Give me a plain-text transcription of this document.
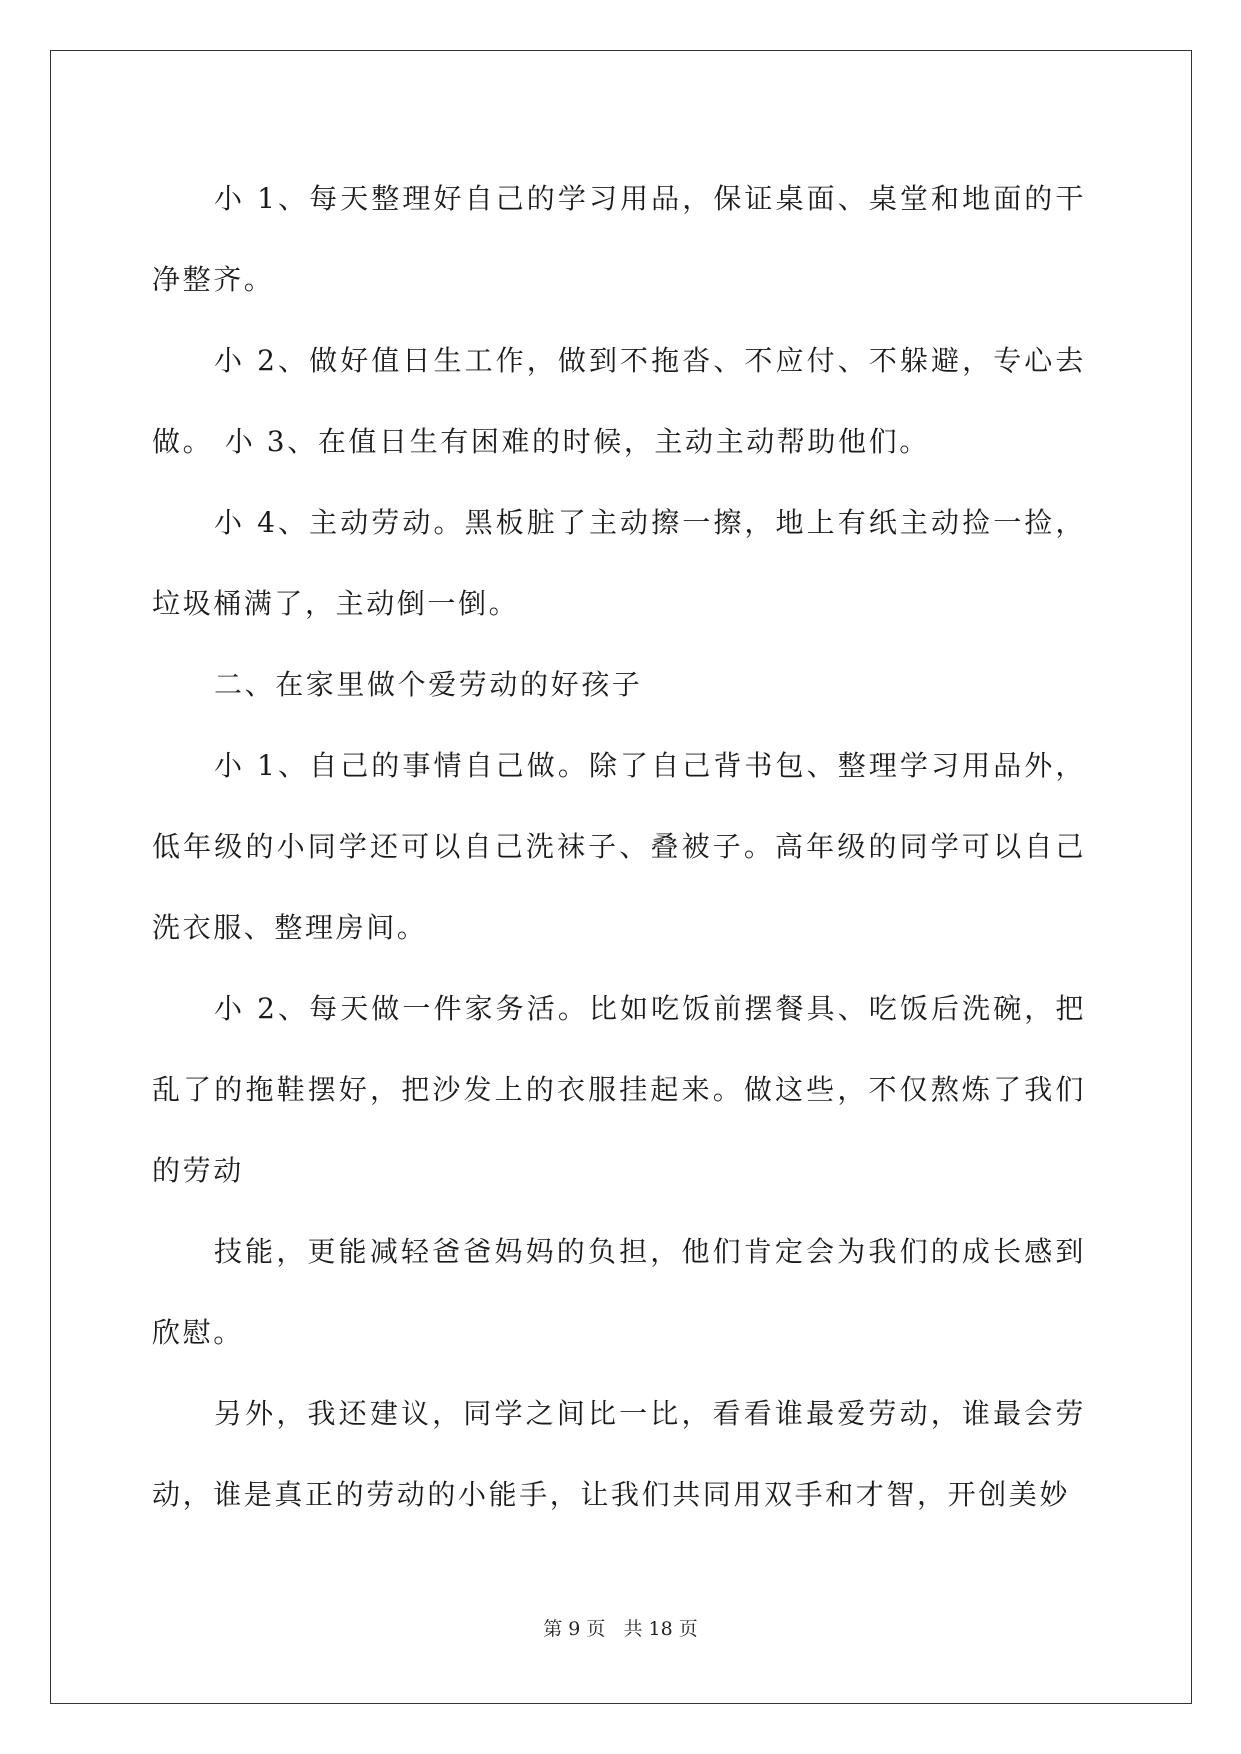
小 1、每天整理好自己的学习用品，保证桌面、桌堂和地面的干净整齐。

小 2、做好值日生工作，做到不拖沓、不应付、不躲避，专心去做。 小 3、在值日生有困难的时候，主动主动帮助他们。

小 4、主动劳动。黑板脏了主动擦一擦，地上有纸主动捡一捡，垃圾桶满了，主动倒一倒。

二、在家里做个爱劳动的好孩子

小 1、自己的事情自己做。除了自己背书包、整理学习用品外，低年级的小同学还可以自己洗袜子、叠被子。高年级的同学可以自己洗衣服、整理房间。

小 2、每天做一件家务活。比如吃饭前摆餐具、吃饭后洗碗，把乱了的拖鞋摆好，把沙发上的衣服挂起来。做这些，不仅熬炼了我们的劳动

技能，更能减轻爸爸妈妈的负担，他们肯定会为我们的成长感到欣慰。

另外，我还建议，同学之间比一比，看看谁最爱劳动，谁最会劳动，谁是真正的劳动的小能手，让我们共同用双手和才智，开创美妙

第 9 页 共 18 页
